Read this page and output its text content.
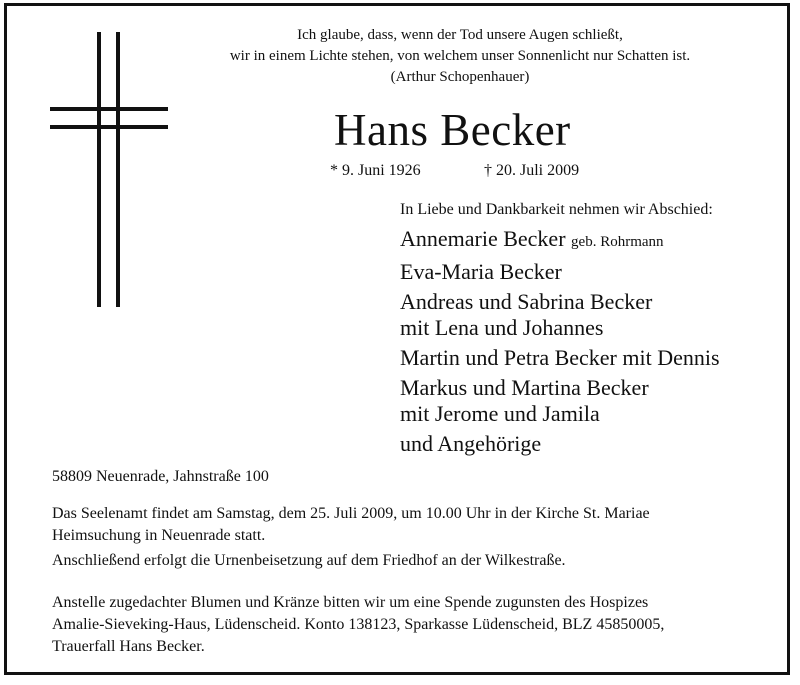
Ich glaube, dass, wenn der Tod unsere Augen schließt,
wir in einem Lichte stehen, von welchem unser Sonnenlicht nur Schatten ist.
(Arthur Schopenhauer)
Hans Becker
* 9. Juni 1926	† 20. Juli 2009
In Liebe und Dankbarkeit nehmen wir Abschied:
Annemarie Becker geb. Rohrmann
Eva-Maria Becker
Andreas und Sabrina Becker
mit Lena und Johannes
Martin und Petra Becker mit Dennis
Markus und Martina Becker
mit Jerome und Jamila
und Angehörige
58809 Neuenrade, Jahnstraße 100
Das Seelenamt findet am Samstag, dem 25. Juli 2009, um 10.00 Uhr in der Kirche St. Mariae
Heimsuchung in Neuenrade statt.
Anschließend erfolgt die Urnenbeisetzung auf dem Friedhof an der Wilkestraße.
Anstelle zugedachter Blumen und Kränze bitten wir um eine Spende zugunsten des Hospizes
Amalie-Sieveking-Haus, Lüdenscheid. Konto 138123, Sparkasse Lüdenscheid, BLZ 45850005,
Trauerfall Hans Becker.
